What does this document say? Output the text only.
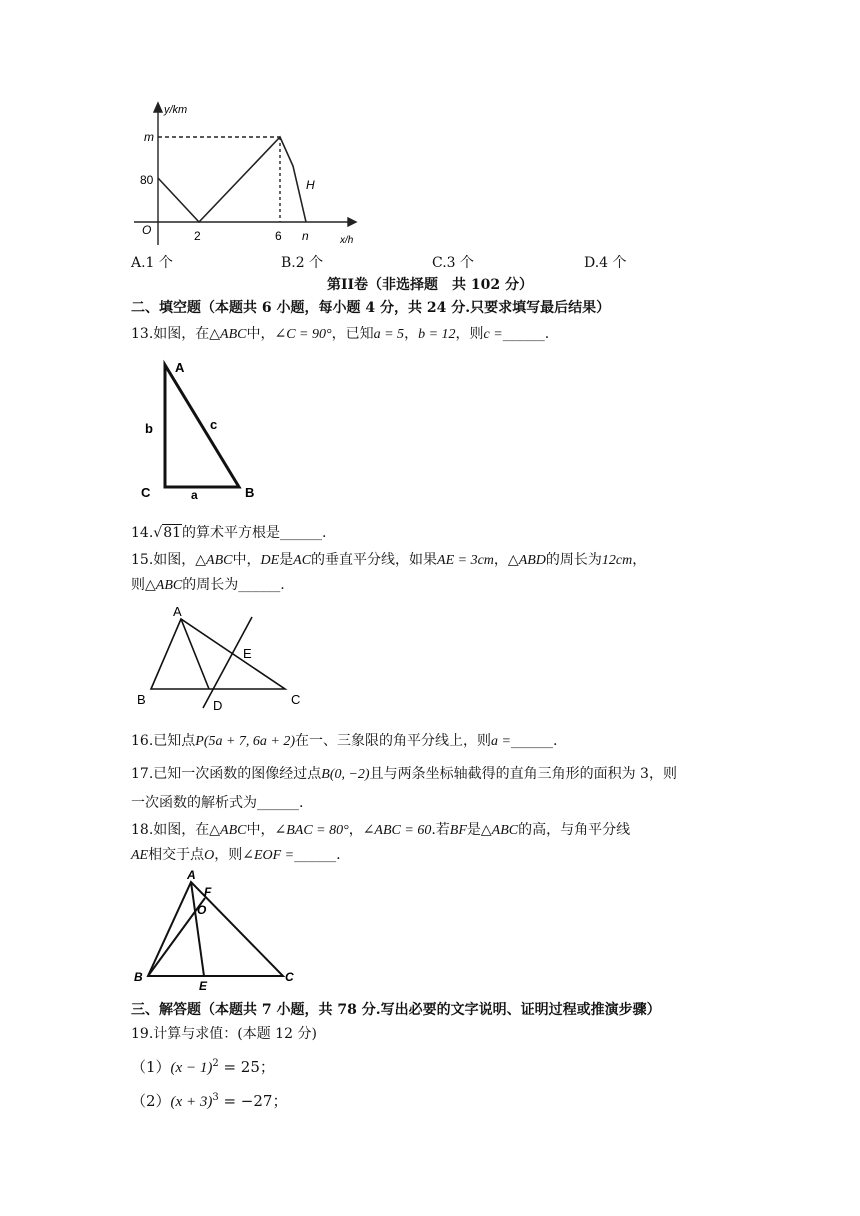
y/km
m
80
O	2	6 n	x/h
H
A.1 个	B.2 个	C.3 个	D.4 个
第II卷（非选择题　共 102 分）
二、填空题（本题共 6 小题，每小题 4 分，共 24 分.只要求填写最后结果）
13.如图，在△ABC中，∠C = 90°，已知a = 5，b = 12，则c =______.
A
b	c
C	a	B
14.√81的算术平方根是______.
15.如图，△ABC中，DE是AC的垂直平分线，如果AE = 3cm，△ABD的周长为12cm，
则△ABC的周长为______.
A
E
B	D	C
16.已知点P(5a + 7, 6a + 2)在一、三象限的角平分线上，则a =______.
17.已知一次函数的图像经过点B(0, −2)且与两条坐标轴截得的直角三角形的面积为 3，则
一次函数的解析式为______.
18.如图，在△ABC中，∠BAC = 80°，∠ABC = 60.若BF是△ABC的高，与角平分线
AE相交于点O，则∠EOF =______.
A
F
O
B
E
C
三、解答题（本题共 7 小题，共 78 分.写出必要的文字说明、证明过程或推演步骤）
19.计算与求值：(本题 12 分)
$(1)(x - 1)^2 = 25$；
$(2)(x + 3)^3 = -27$；
